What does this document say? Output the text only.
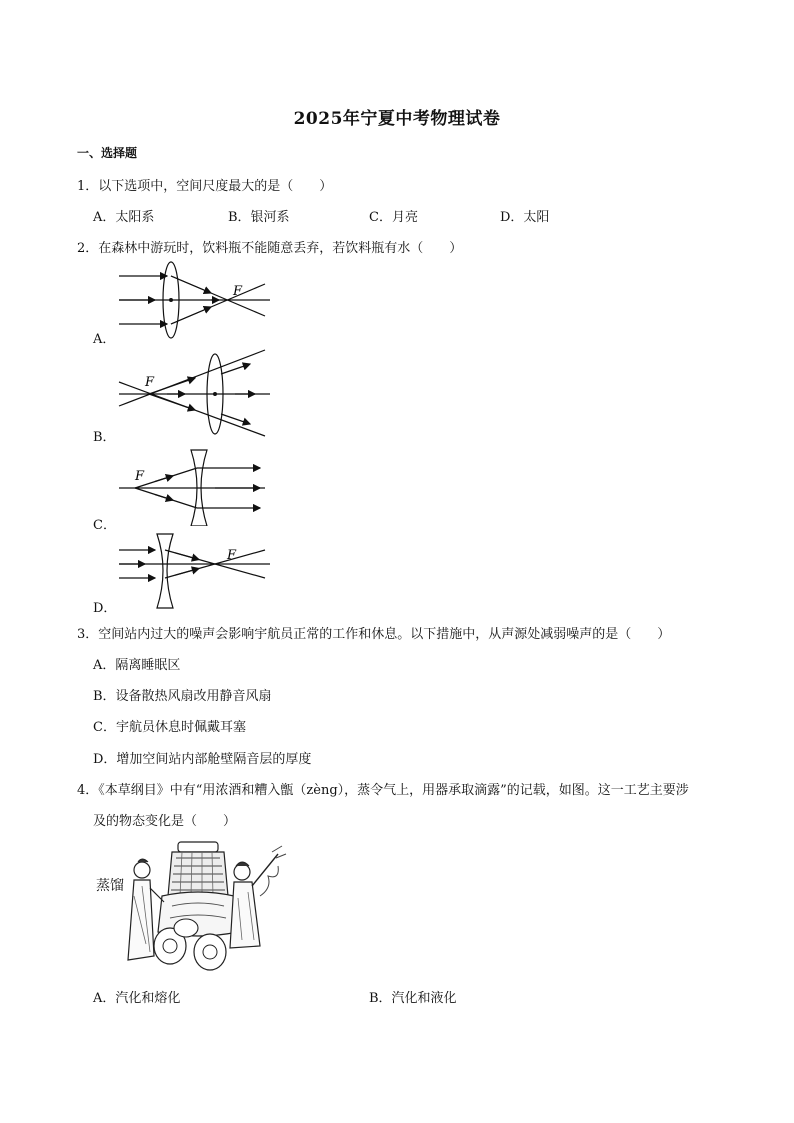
2025年宁夏中考物理试卷
一、选择题
1．以下选项中，空间尺度最大的是（　　）
A．太阳系	B．银河系	C．月亮	D．太阳
2．在森林中游玩时，饮料瓶不能随意丢弃，若饮料瓶有水（　　）
F
A．
F
B．
F
C．
F
D．
3．空间站内过大的噪声会影响宇航员正常的工作和休息。以下措施中，从声源处减弱噪声的是（　　）
A．隔离睡眠区
B．设备散热风扇改用静音风扇
C．宇航员休息时佩戴耳塞
D．增加空间站内部舱壁隔音层的厚度
4．《本草纲目》中有“用浓酒和糟入甑（zèng），蒸令气上，用器承取滴露”的记载，如图。这一工艺主要涉
及的物态变化是（　　）
蒸馏
A．汽化和熔化	B．汽化和液化
